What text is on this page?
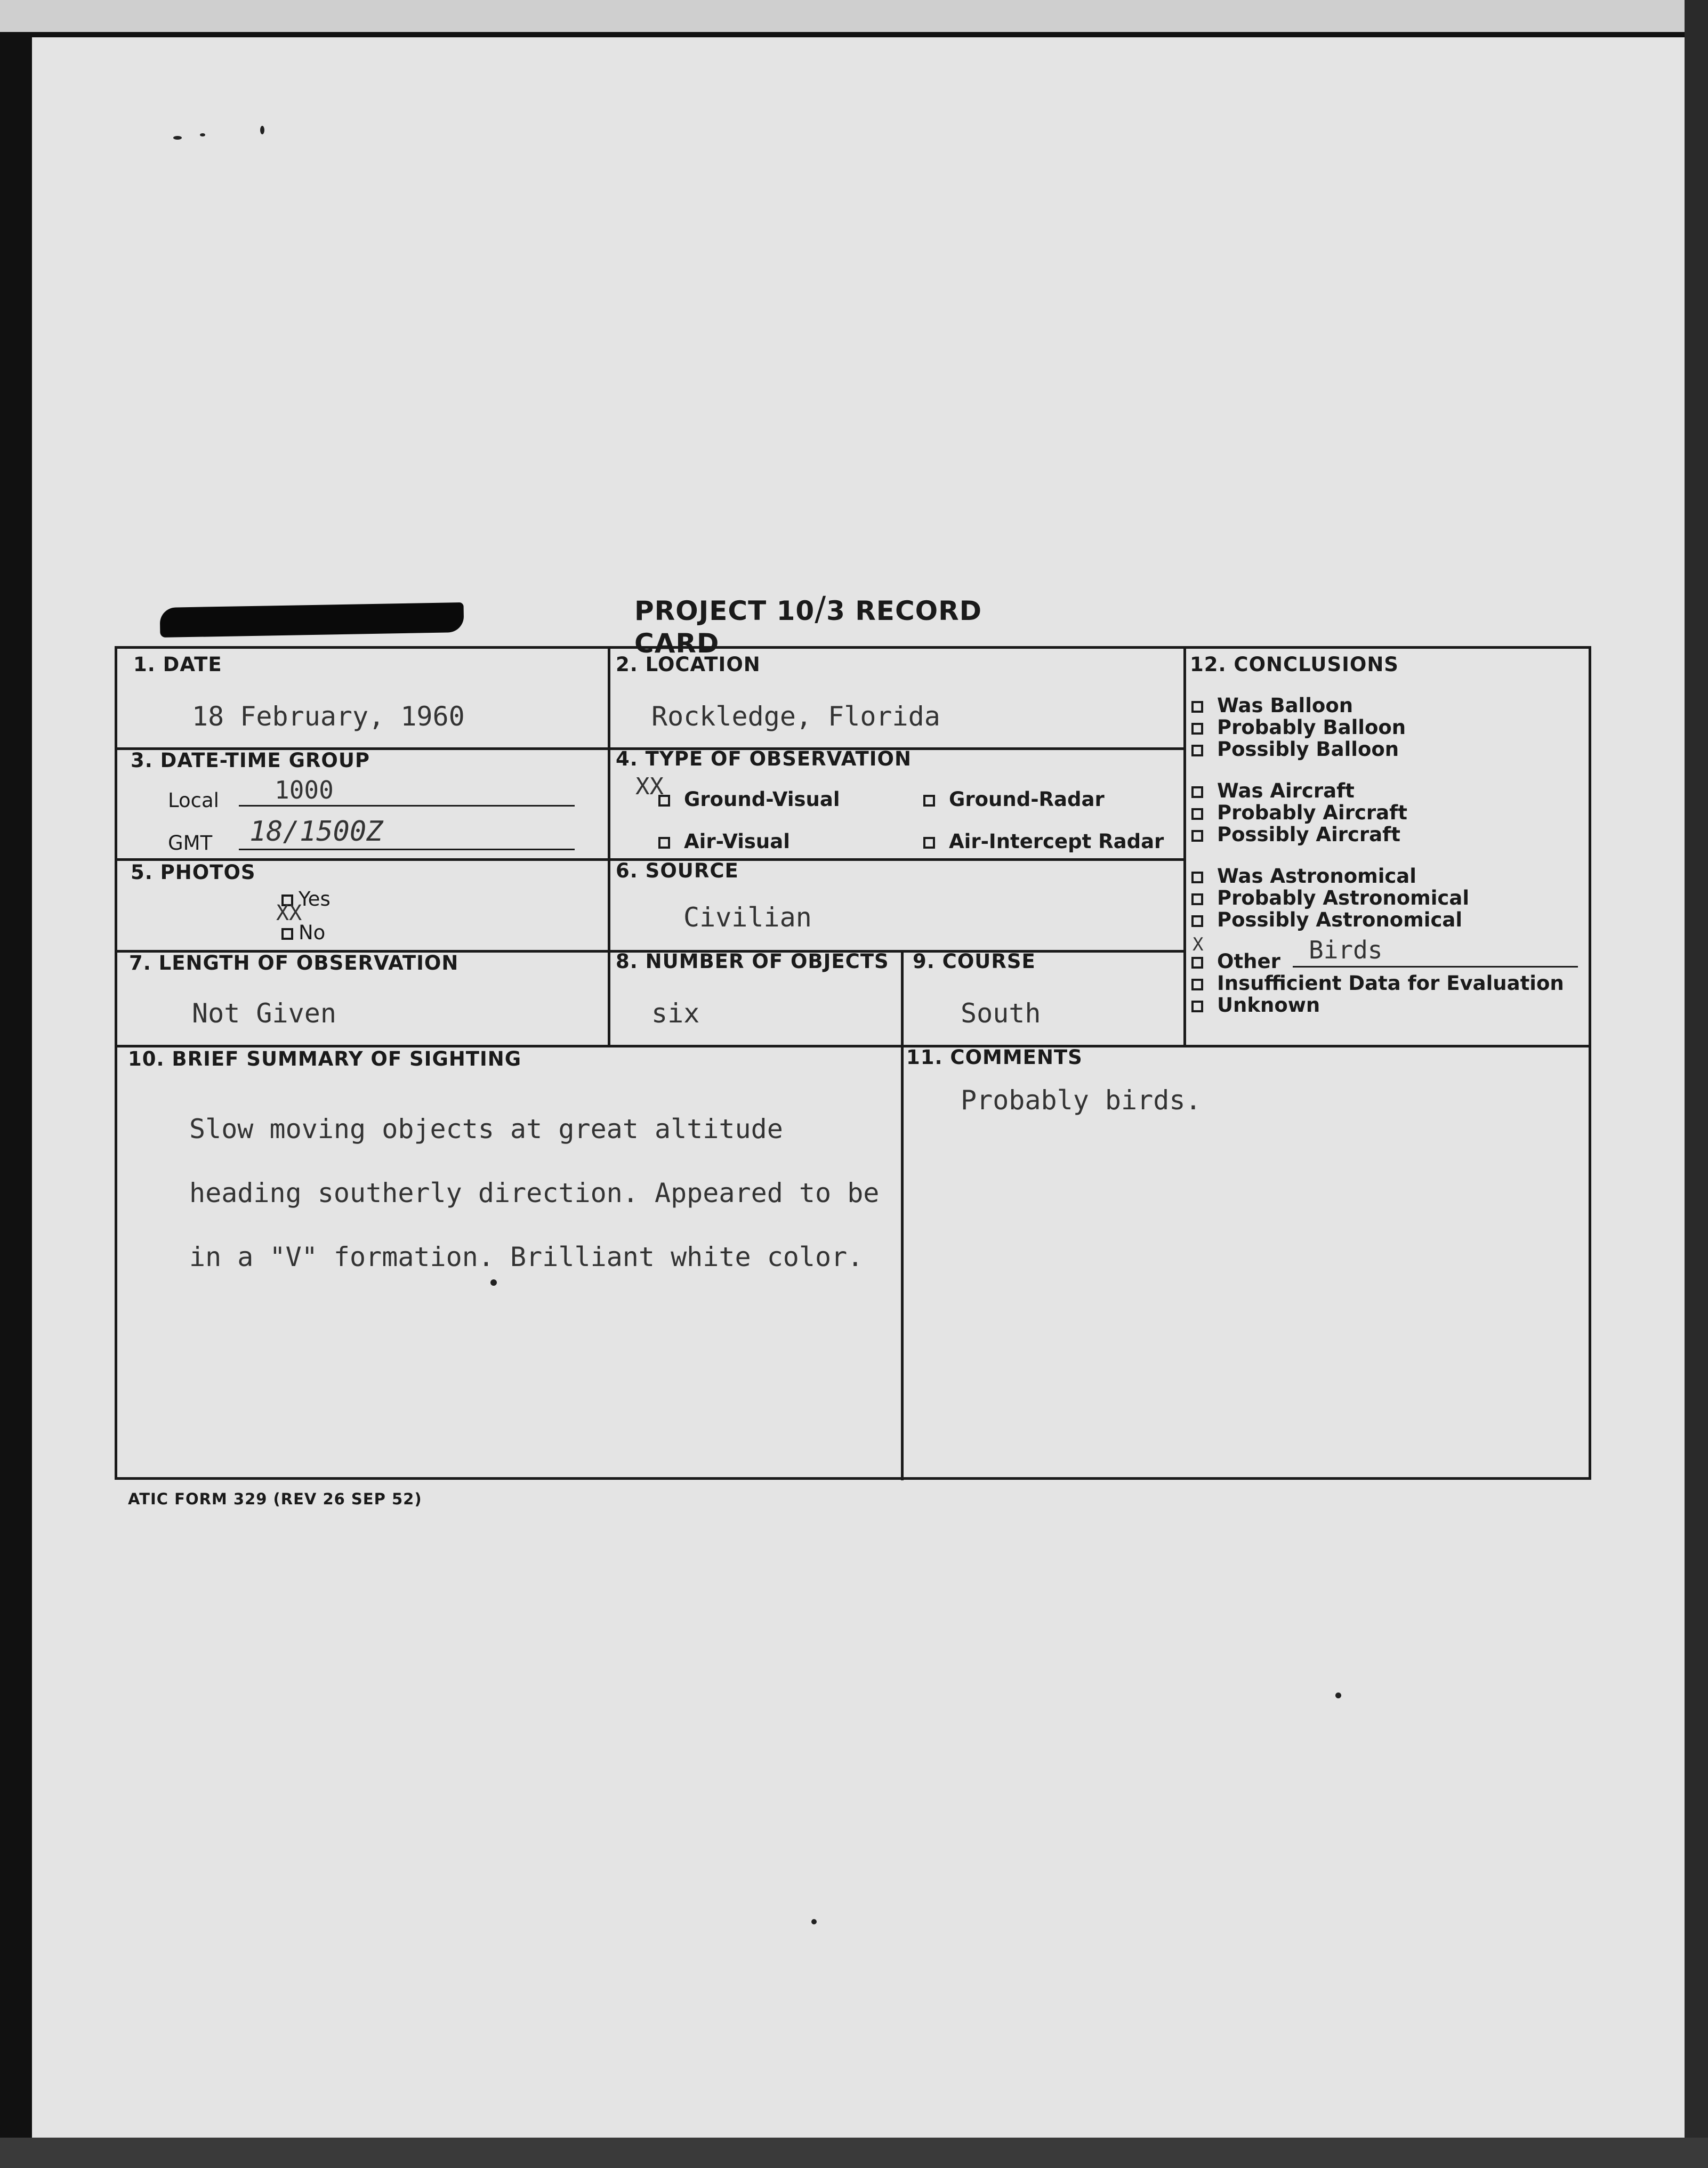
PROJECT 10/3 RECORD CARD
1. DATE
18 February, 1960
2. LOCATION
Rockledge, Florida
3. DATE-TIME GROUP
Local 1000
GMT 18/1500Z
4. TYPE OF OBSERVATION
XX	Ground-Visual	Ground-Radar
Air-Visual	Air-Intercept Radar
5. PHOTOS
Yes
XX
No
6. SOURCE
Civilian
7. LENGTH OF OBSERVATION
Not Given
8. NUMBER OF OBJECTS
six
9. COURSE
South
10. BRIEF SUMMARY OF SIGHTING

Slow moving objects at great altitude

heading southerly direction. Appeared to be

in a "V" formation. Brilliant white color.

11. COMMENTS
Probably birds.
12. CONCLUSIONS
Was Balloon
Probably Balloon
Possibly Balloon
Was Aircraft
Probably Aircraft
Possibly Aircraft
Was Astronomical
Probably Astronomical
Possibly Astronomical
X
Other Birds
Insufficient Data for Evaluation
Unknown
ATIC FORM 329 (REV 26 SEP 52)
